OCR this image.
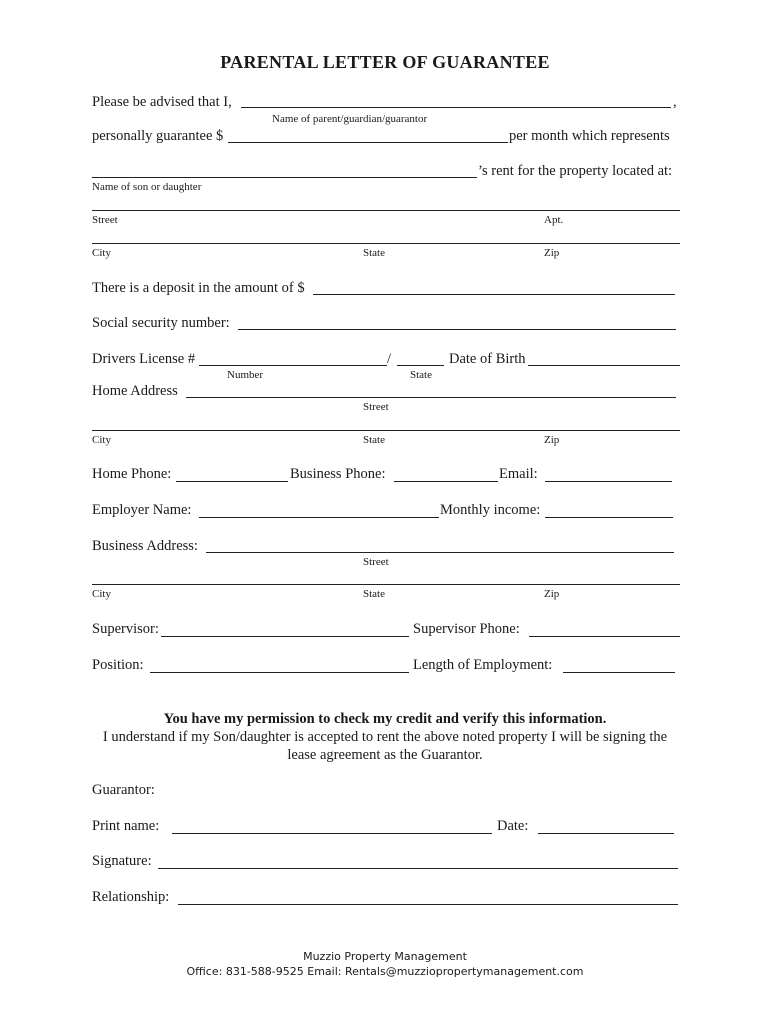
PARENTAL LETTER OF GUARANTEE
Please be advised that I,	,
Name of parent/guardian/guarantor
personally guarantee $	per month which represents
’s rent for the property located at:
Name of son or daughter
Street	Apt.
City	State	Zip
There is a deposit in the amount of $
Social security number:
Drivers License #	/	Date of Birth
Number	State
Home Address
Street
City	State	Zip
Home Phone:	Business Phone:	Email:
Employer Name:	Monthly income:
Business Address:
Street
City	State	Zip
Supervisor:	Supervisor Phone:
Position:	Length of Employment:
You have my permission to check my credit and verify this information.
I understand if my Son/daughter is accepted to rent the above noted property I will be signing the
lease agreement as the Guarantor.
Guarantor:
Print name:	Date:
Signature:
Relationship:
Muzzio Property Management
Office: 831-588-9525 Email: Rentals@muzziopropertymanagement.com
